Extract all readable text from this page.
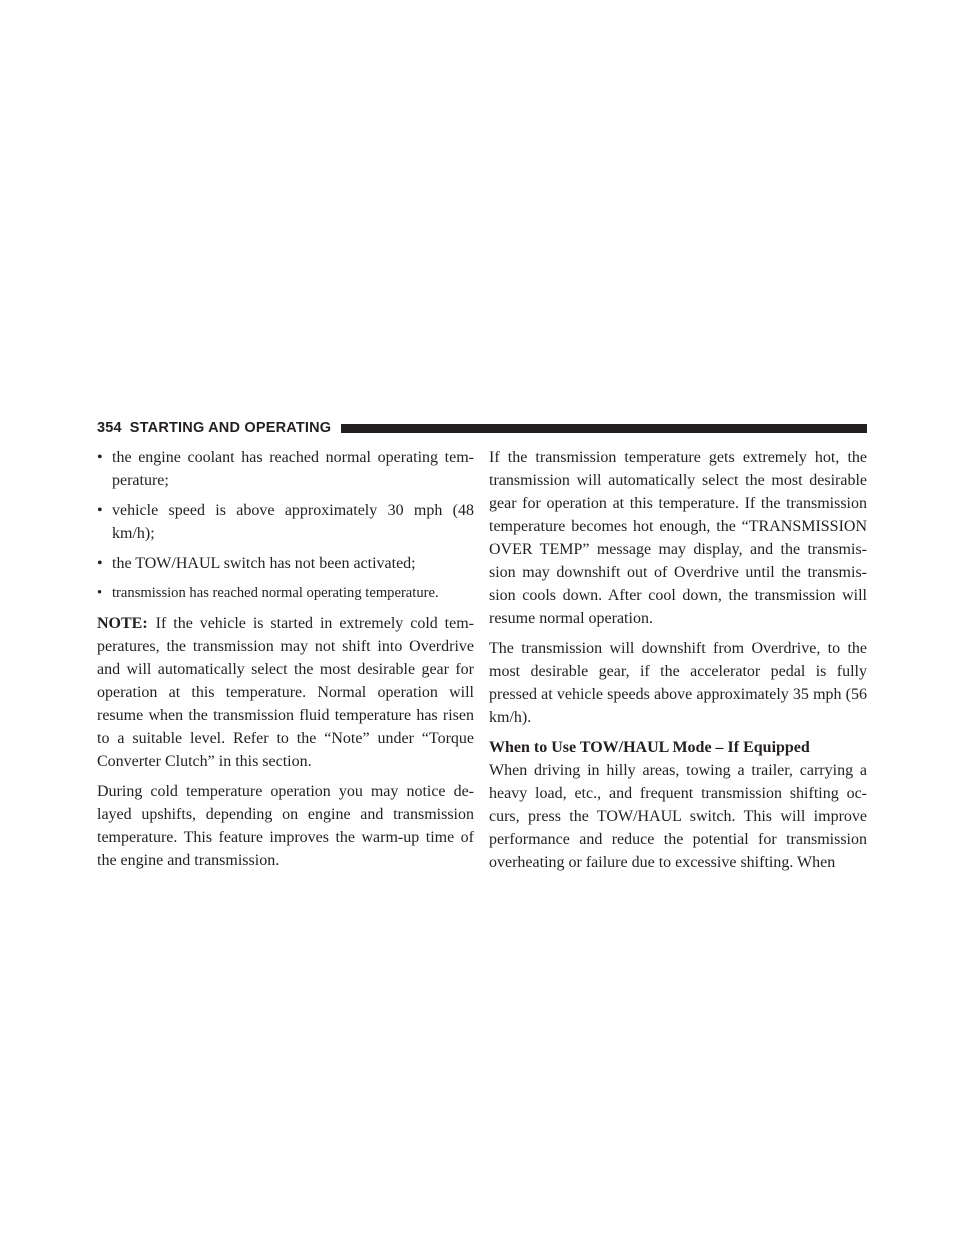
354 STARTING AND OPERATING
• the engine coolant has reached normal operating tem-perature;
• vehicle speed is above approximately 30 mph (48 km/h);
• the TOW/HAUL switch has not been activated;
• transmission has reached normal operating temperature.

NOTE: If the vehicle is started in extremely cold tem-peratures, the transmission may not shift into Overdrive and will automatically select the most desirable gear for operation at this temperature. Normal operation will resume when the transmission fluid temperature has risen to a suitable level. Refer to the “Note” under “Torque Converter Clutch” in this section.

During cold temperature operation you may notice de-layed upshifts, depending on engine and transmission temperature. This feature improves the warm-up time of the engine and transmission.

If the transmission temperature gets extremely hot, the transmission will automatically select the most desirable gear for operation at this temperature. If the transmission temperature becomes hot enough, the “TRANSMISSION OVER TEMP” message may display, and the transmis-sion may downshift out of Overdrive until the transmis-sion cools down. After cool down, the transmission will resume normal operation.

The transmission will downshift from Overdrive, to the most desirable gear, if the accelerator pedal is fully pressed at vehicle speeds above approximately 35 mph (56 km/h).

When to Use TOW/HAUL Mode – If Equipped

When driving in hilly areas, towing a trailer, carrying a heavy load, etc., and frequent transmission shifting oc-curs, press the TOW/HAUL switch. This will improve performance and reduce the potential for transmission overheating or failure due to excessive shifting. When
